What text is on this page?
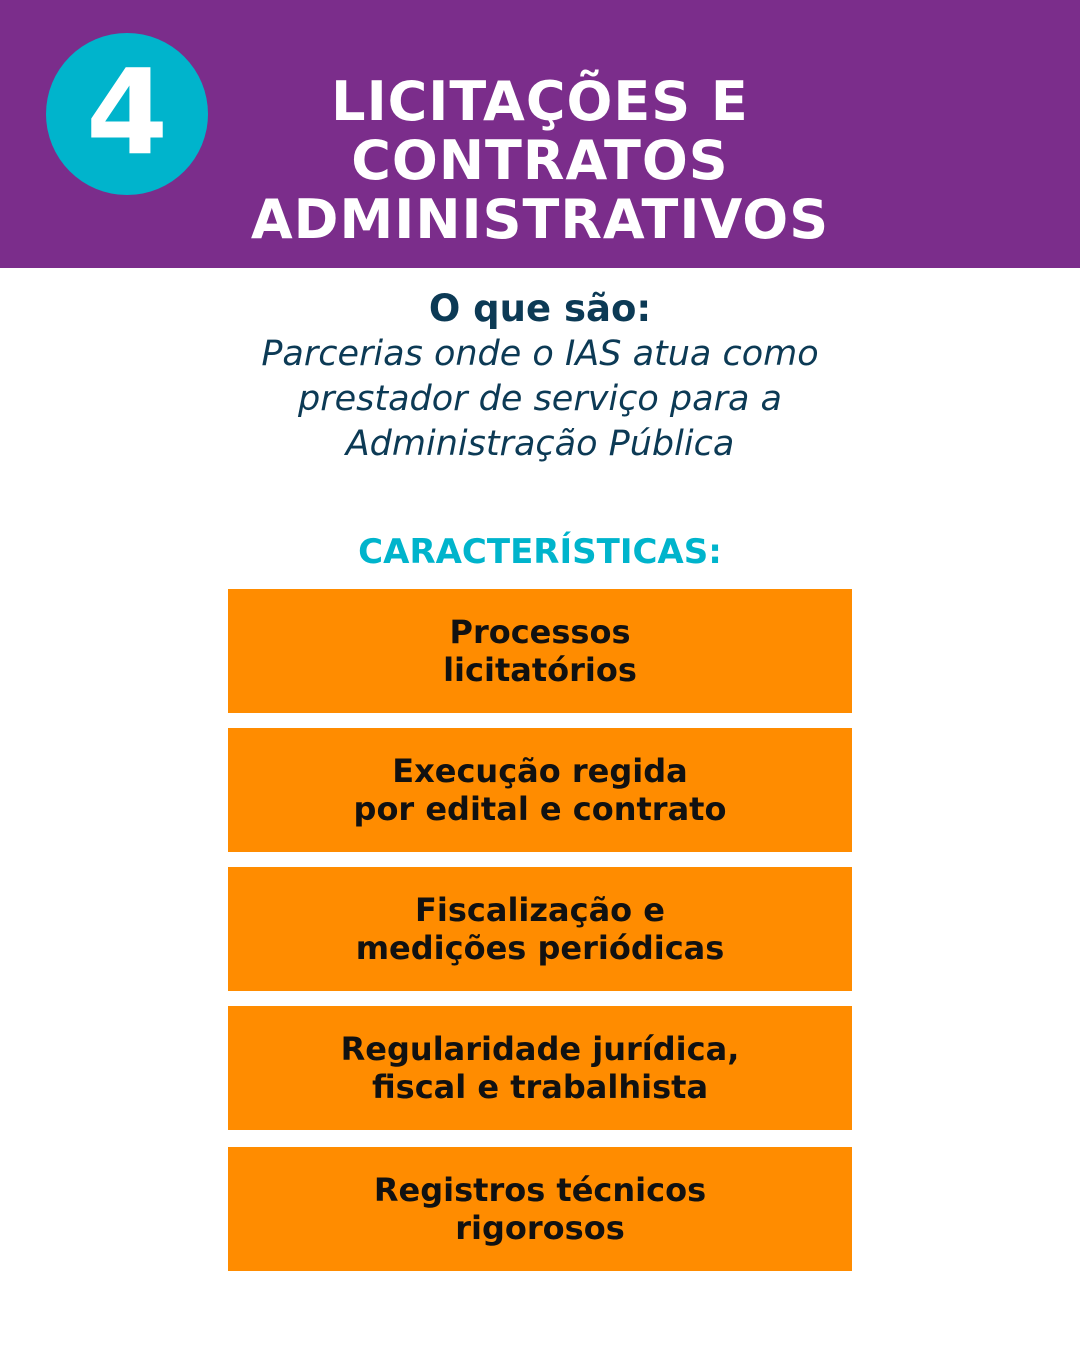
4	LICITAÇÕES E
CONTRATOS
ADMINISTRATIVOS
O que são:
Parcerias onde o IAS atua como
prestador de serviço para a
Administração Pública
CARACTERÍSTICAS:
Processos
licitatórios
Execução regida
por edital e contrato
Fiscalização e
medições periódicas
Regularidade jurídica,
fiscal e trabalhista
Registros técnicos
rigorosos
